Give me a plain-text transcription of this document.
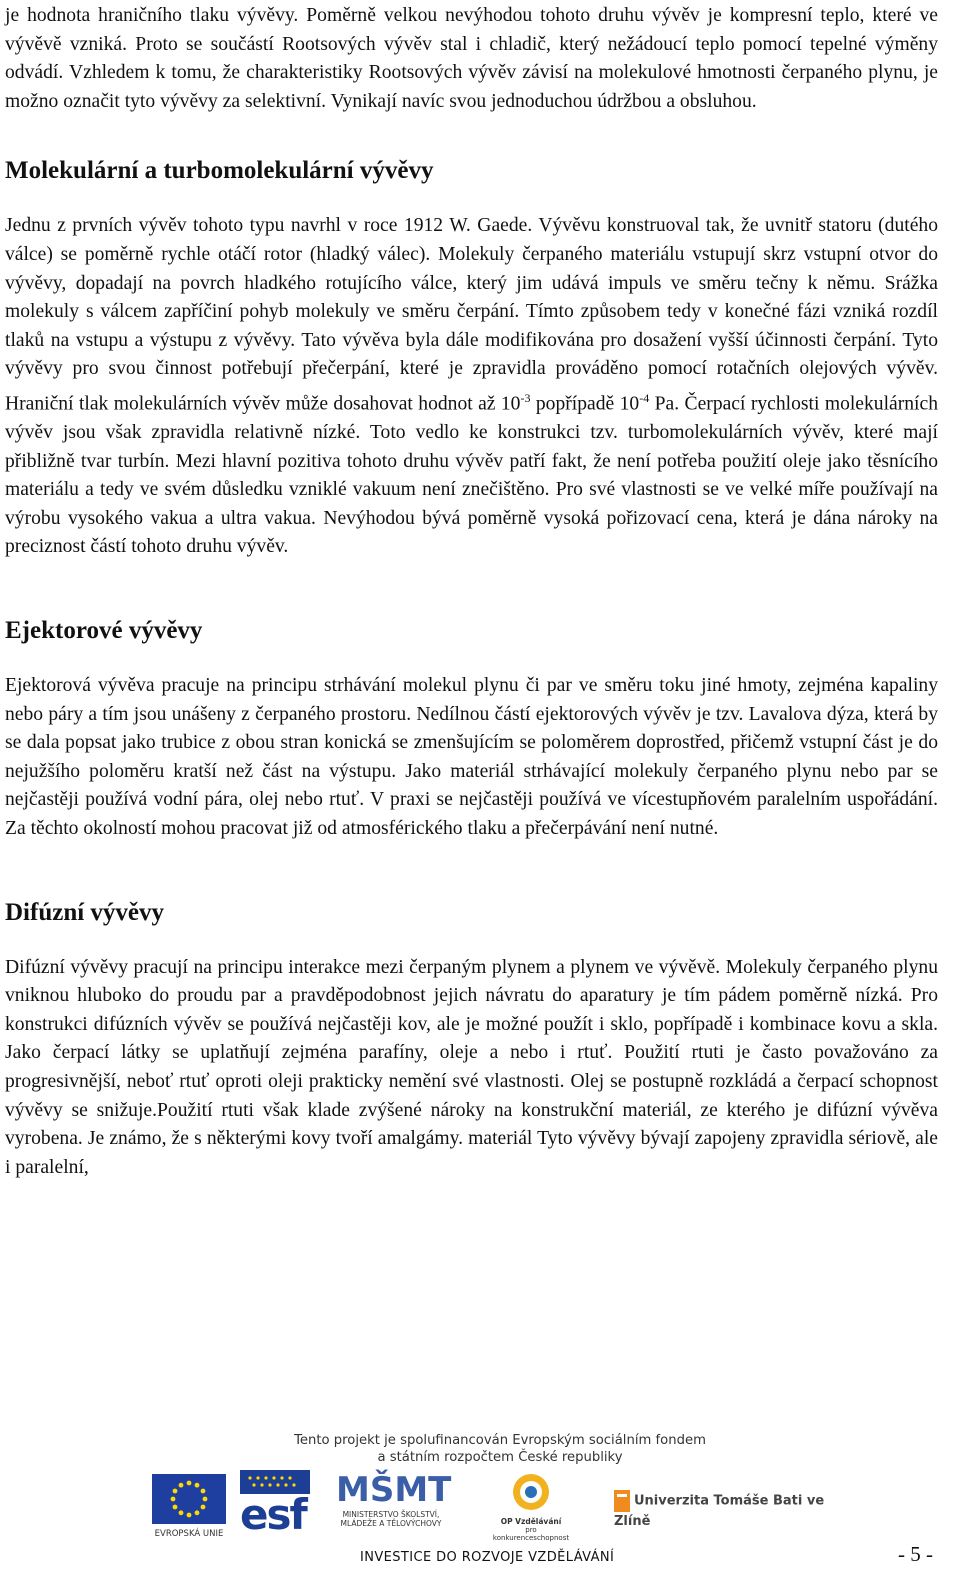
je hodnota hraničního tlaku vývěvy. Poměrně velkou nevýhodou tohoto druhu vývěv je kompresní teplo, které ve vývěvě vzniká. Proto se součástí Rootsových vývěv stal i chladič, který nežádoucí teplo pomocí tepelné výměny odvádí. Vzhledem k tomu, že charakteristiky Rootsových vývěv závisí na molekulové hmotnosti čerpaného plynu, je možno označit tyto vývěvy za selektivní. Vynikají navíc svou jednoduchou údržbou a obsluhou.

Molekulární a turbomolekulární vývěvy

Jednu z prvních vývěv tohoto typu navrhl v roce 1912 W. Gaede. Vývěvu konstruoval tak, že uvnitř statoru (dutého válce) se poměrně rychle otáčí rotor (hladký válec). Molekuly čerpaného materiálu vstupují skrz vstupní otvor do vývěvy, dopadají na povrch hladkého rotujícího válce, který jim udává impuls ve směru tečny k němu. Srážka molekuly s válcem zapříčiní pohyb molekuly ve směru čerpání. Tímto způsobem tedy v konečné fázi vzniká rozdíl tlaků na vstupu a výstupu z vývěvy. Tato vývěva byla dále modifikována pro dosažení vyšší účinnosti čerpání. Tyto vývěvy pro svou činnost potřebují přečerpání, které je zpravidla prováděno pomocí rotačních olejových vývěv. Hraniční tlak molekulárních vývěv může dosahovat hodnot až $10^{-3}$ popřípadě $10^{-4}$ Pa. Čerpací rychlosti molekulárních vývěv jsou však zpravidla relativně nízké. Toto vedlo ke konstrukci tzv. turbomolekulárních vývěv, které mají přibližně tvar turbín. Mezi hlavní pozitiva tohoto druhu vývěv patří fakt, že není potřeba použití oleje jako těsnícího materiálu a tedy ve svém důsledku vzniklé vakuum není znečištěno. Pro své vlastnosti se ve velké míře používají na výrobu vysokého vakua a ultra vakua. Nevýhodou bývá poměrně vysoká pořizovací cena, která je dána nároky na preciznost částí tohoto druhu vývěv.

Ejektorové vývěvy

Ejektorová vývěva pracuje na principu strhávání molekul plynu či par ve směru toku jiné hmoty, zejména kapaliny nebo páry a tím jsou unášeny z čerpaného prostoru. Nedílnou částí ejektorových vývěv je tzv. Lavalova dýza, která by se dala popsat jako trubice z obou stran konická se zmenšujícím se poloměrem doprostřed, přičemž vstupní část je do nejužšího poloměru kratší než část na výstupu. Jako materiál strhávající molekuly čerpaného plynu nebo par se nejčastěji používá vodní pára, olej nebo rtuť. V praxi se nejčastěji používá ve vícestupňovém paralelním uspořádání. Za těchto okolností mohou pracovat již od atmosférického tlaku a přečerpávání není nutné.

Difúzní vývěvy

Difúzní vývěvy pracují na principu interakce mezi čerpaným plynem a plynem ve vývěvě. Molekuly čerpaného plynu vniknou hluboko do proudu par a pravděpodobnost jejich návratu do aparatury je tím pádem poměrně nízká. Pro konstrukci difúzních vývěv se používá nejčastěji kov, ale je možné použít i sklo, popřípadě i kombinace kovu a skla. Jako čerpací látky se uplatňují zejména parafíny, oleje a nebo i rtuť. Použití rtuti je často považováno za progresivnější, neboť rtuť oproti oleji prakticky nemění své vlastnosti. Olej se postupně rozkládá a čerpací schopnost vývěvy se snižuje.Použití rtuti však klade zvýšené nároky na konstrukční materiál, ze kterého je difúzní vývěva vyrobena. Je známo, že s některými kovy tvoří amalgámy. materiál Tyto vývěvy bývají zapojeny zpravidla sériově, ale i paralelní,

Tento projekt je spolufinancován Evropským sociálním fondem
a státním rozpočtem České republiky
EVROPSKÁ UNIE esf MŠMT
MINISTERSTVO ŠKOLSTVÍ,
MLÁDEŽE A TĚLOVÝCHOVY	OP Vzdělávání
pro konkurenceschopnost
Univerzita Tomáše Bati ve Zlíně
INVESTICE DO ROZVOJE VZDĚLÁVÁNÍ	- 5 -
